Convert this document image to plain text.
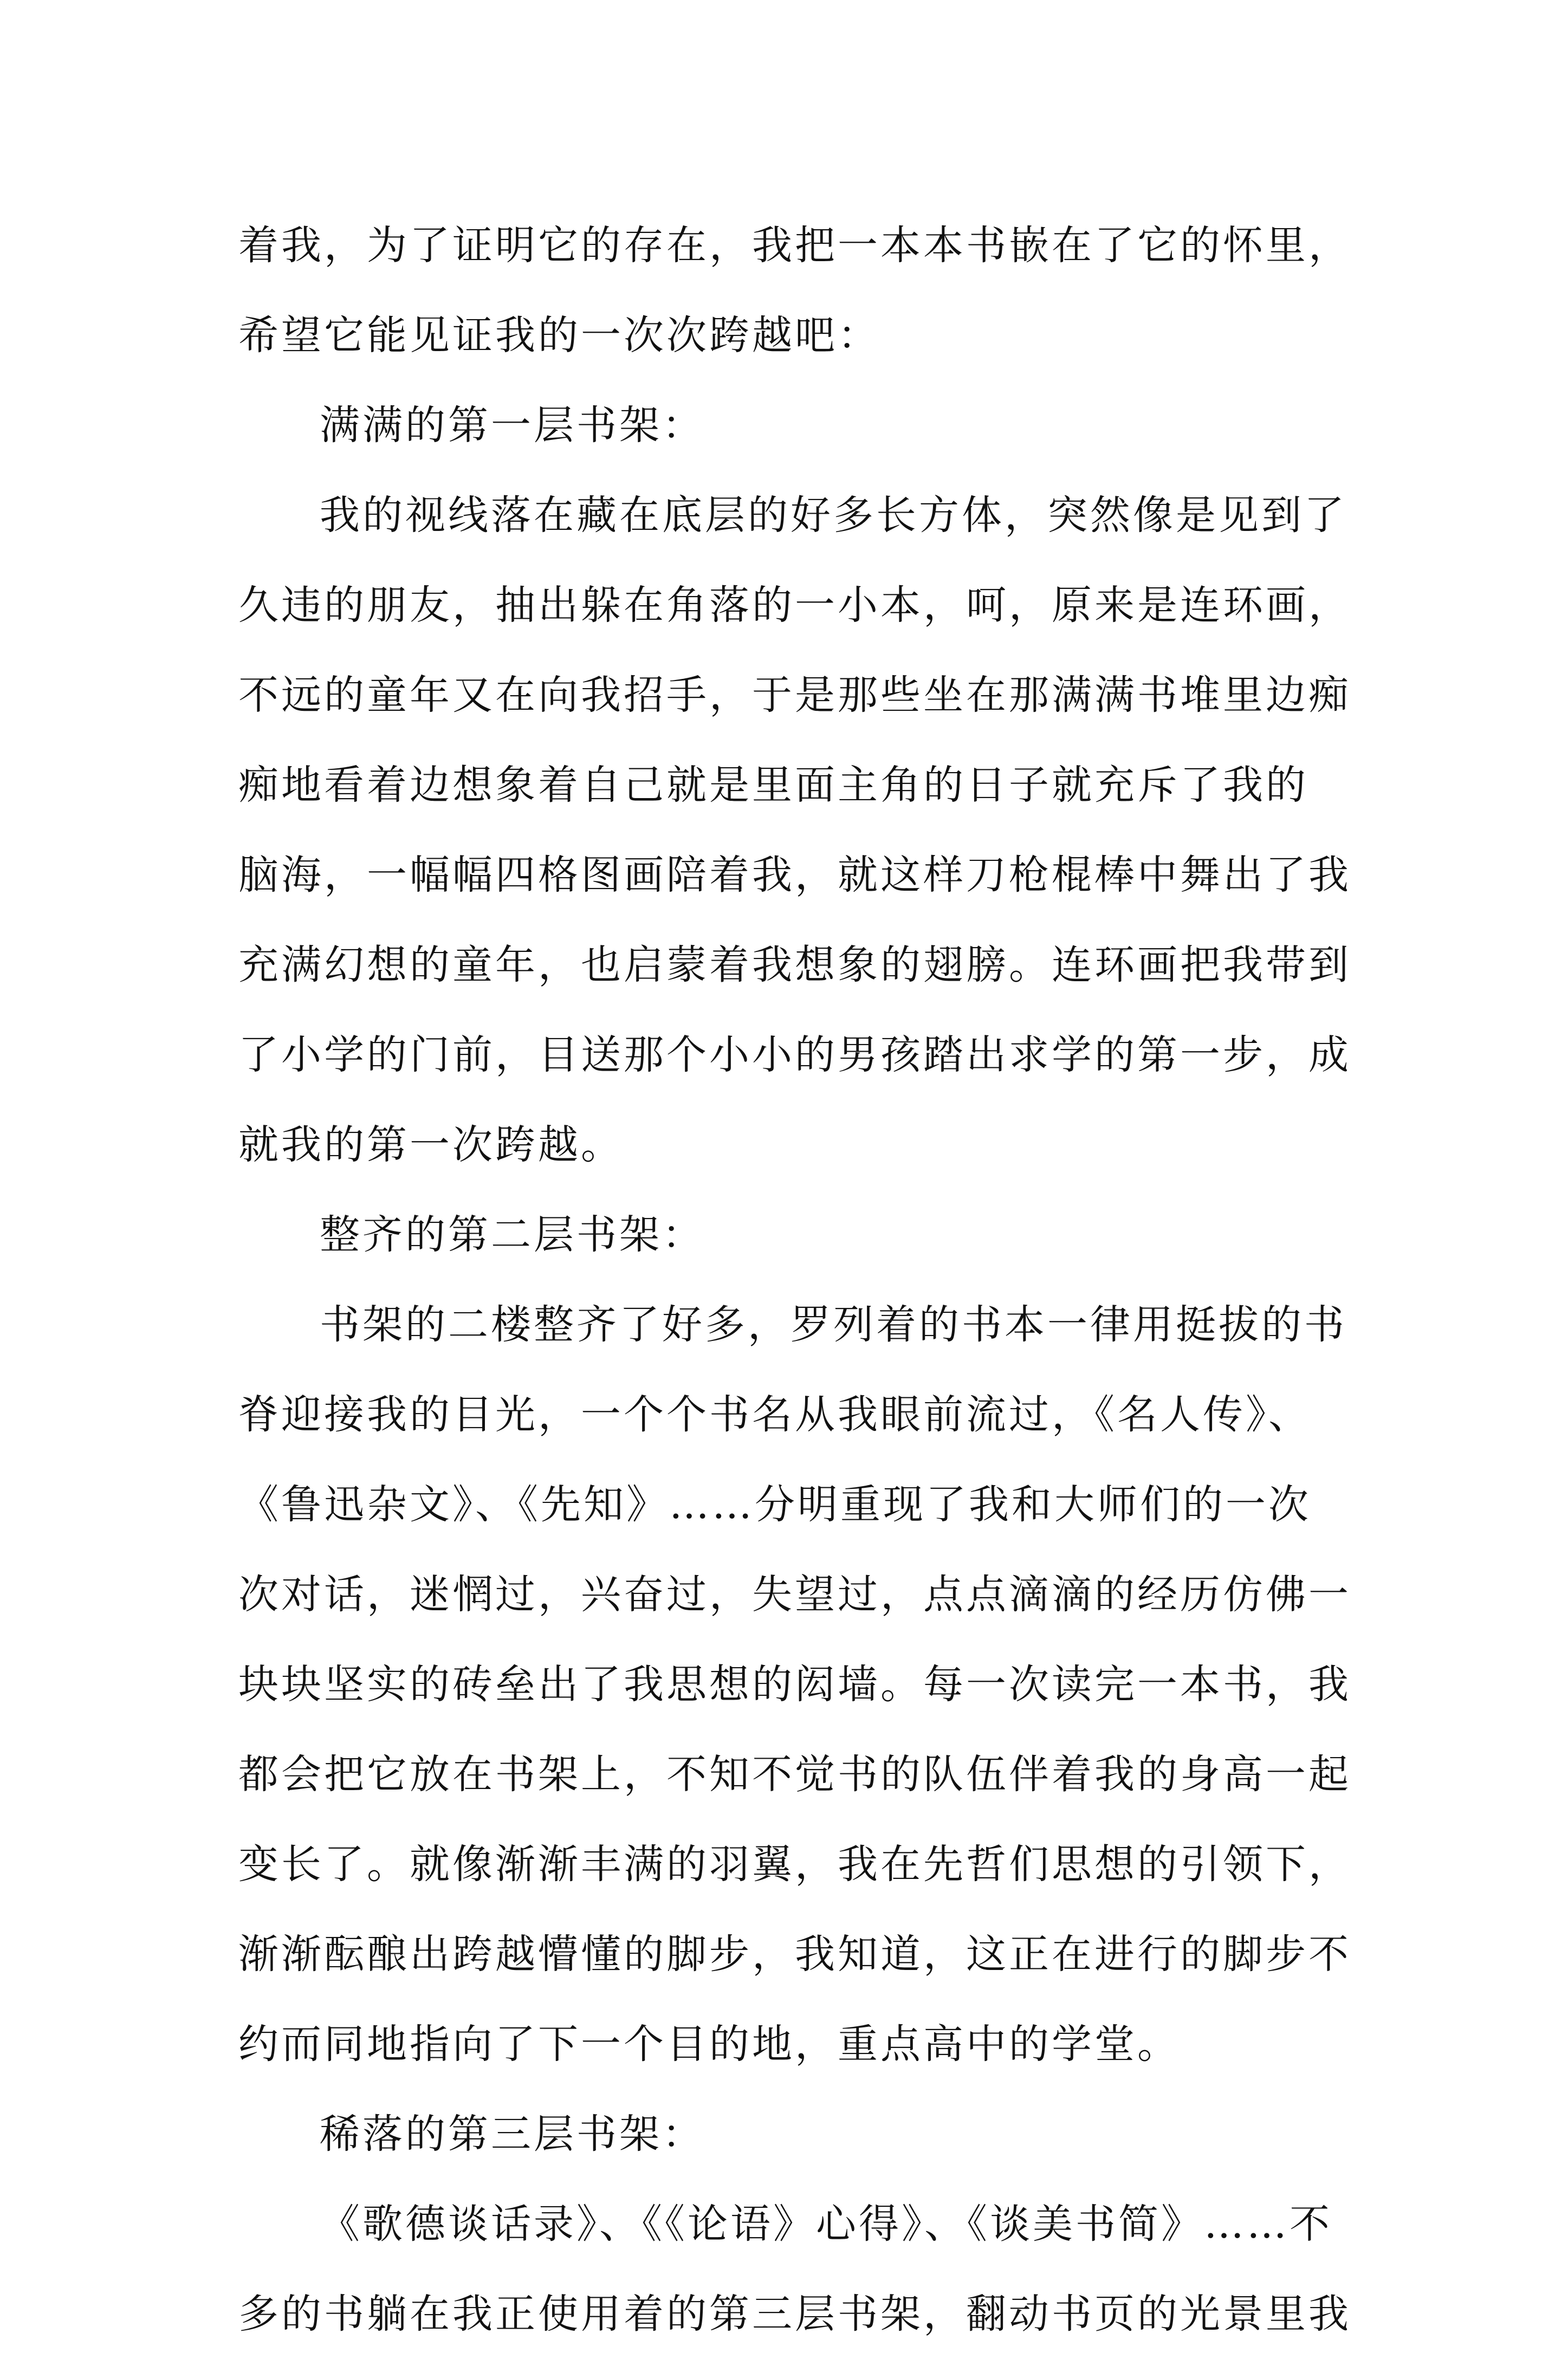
着我，为了证明它的存在，我把一本本书嵌在了它的怀里，
希望它能见证我的一次次跨越吧：
满满的第一层书架：
我的视线落在藏在底层的好多长方体，突然像是见到了
久违的朋友，抽出躲在角落的一小本，呵，原来是连环画，
不远的童年又在向我招手，于是那些坐在那满满书堆里边痴
痴地看着边想象着自己就是里面主角的日子就充斥了我的
脑海，一幅幅四格图画陪着我，就这样刀枪棍棒中舞出了我
充满幻想的童年，也启蒙着我想象的翅膀。连环画把我带到
了小学的门前，目送那个小小的男孩踏出求学的第一步，成
就我的第一次跨越。
整齐的第二层书架：
书架的二楼整齐了好多，罗列着的书本一律用挺拔的书
脊迎接我的目光，一个个书名从我眼前流过，《名人传》、
《鲁迅杂文》、《先知》……分明重现了我和大师们的一次
次对话，迷惘过，兴奋过，失望过，点点滴滴的经历仿佛一
块块坚实的砖垒出了我思想的闳墙。每一次读完一本书，我
都会把它放在书架上，不知不觉书的队伍伴着我的身高一起
变长了。就像渐渐丰满的羽翼，我在先哲们思想的引领下，
渐渐酝酿出跨越懵懂的脚步，我知道，这正在进行的脚步不
约而同地指向了下一个目的地，重点高中的学堂。
稀落的第三层书架：
《歌德谈话录》、《《论语》心得》、《谈美书简》……不
多的书躺在我正使用着的第三层书架，翻动书页的光景里我
